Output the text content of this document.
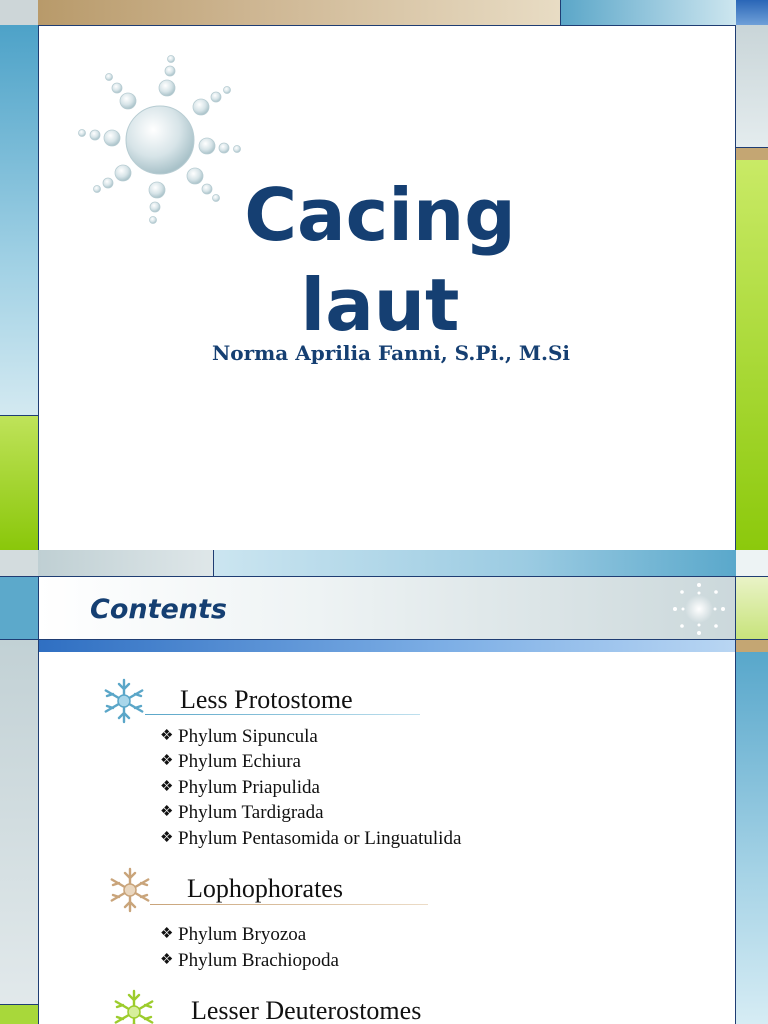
Cacing
laut
Norma Aprilia Fanni, S.Pi., M.Si
Contents
Less Protostome
❖ Phylum Sipuncula
❖ Phylum Echiura
❖ Phylum Priapulida
❖ Phylum Tardigrada
❖ Phylum Pentasomida or Linguatulida
Lophophorates
❖ Phylum Bryozoa
❖ Phylum Brachiopoda
Lesser Deuterostomes
